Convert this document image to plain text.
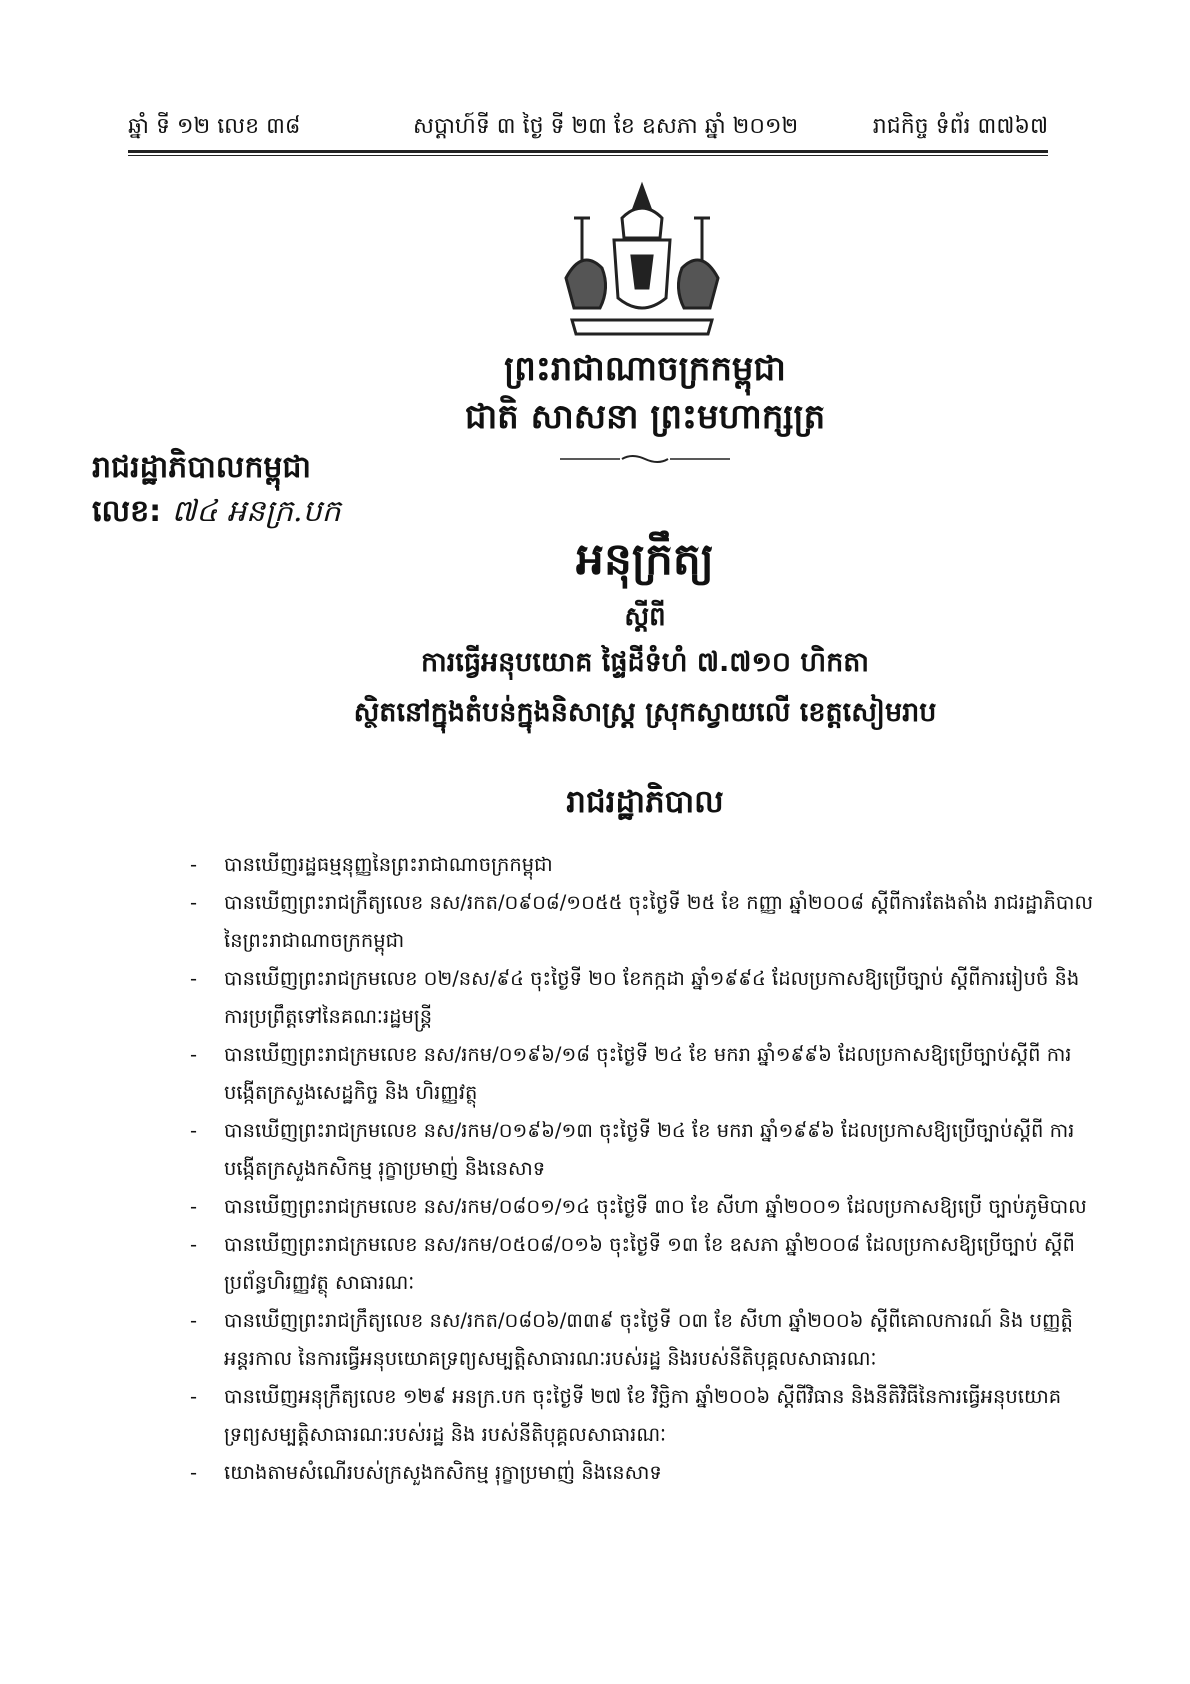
ឆ្នាំ ទី ១២ លេខ ៣៨	សប្តាហ៍ទី ៣ ថ្ងៃ ទី ២៣ ខែ ឧសភា ឆ្នាំ ២០១២	រាជកិច្ច ទំព័រ ៣៧៦៧
ព្រះរាជាណាចក្រកម្ពុជា
ជាតិ សាសនា ព្រះមហាក្សត្រ
រាជរដ្ឋាភិបាលកម្ពុជា
លេខ: ៧៤ អនក្រ.បក
អនុក្រឹត្យ
ស្តីពី
ការធ្វើអនុបយោគ ផ្ទៃដីទំហំ ៧.៧១០ ហិកតា
ស្ថិតនៅក្នុងតំបន់ក្នុងនិសាស្ត្រ ស្រុកស្វាយលើ ខេត្តសៀមរាប
រាជរដ្ឋាភិបាល
- បានឃើញរដ្ឋធម្មនុញ្ញនៃព្រះរាជាណាចក្រកម្ពុជា
- បានឃើញព្រះរាជក្រឹត្យលេខ នស/រកត/០៩០៨/១០៥៥ ចុះថ្ងៃទី ២៥ ខែ កញ្ញា ឆ្នាំ២០០៨ ស្តីពីការតែងតាំង រាជរដ្ឋាភិបាល នៃព្រះរាជាណាចក្រកម្ពុជា
- បានឃើញព្រះរាជក្រមលេខ ០២/នស/៩៤ ចុះថ្ងៃទី ២០ ខែកក្កដា ឆ្នាំ១៩៩៤ ដែលប្រកាសឱ្យប្រើច្បាប់ ស្តីពីការរៀបចំ និង ការប្រព្រឹត្តទៅនៃគណៈរដ្ឋមន្ត្រី
- បានឃើញព្រះរាជក្រមលេខ នស/រកម/០១៩៦/១៨ ចុះថ្ងៃទី ២៤ ខែ មករា ឆ្នាំ១៩៩៦ ដែលប្រកាសឱ្យប្រើច្បាប់ស្តីពី ការបង្កើតក្រសួងសេដ្ឋកិច្ច និង ហិរញ្ញវត្ថុ
- បានឃើញព្រះរាជក្រមលេខ នស/រកម/០១៩៦/១៣ ចុះថ្ងៃទី ២៤ ខែ មករា ឆ្នាំ១៩៩៦ ដែលប្រកាសឱ្យប្រើច្បាប់ស្តីពី ការបង្កើតក្រសួងកសិកម្ម រុក្ខាប្រមាញ់ និងនេសាទ
- បានឃើញព្រះរាជក្រមលេខ នស/រកម/០៨០១/១៤ ចុះថ្ងៃទី ៣០ ខែ សីហា ឆ្នាំ២០០១ ដែលប្រកាសឱ្យប្រើ ច្បាប់ភូមិបាល
- បានឃើញព្រះរាជក្រមលេខ នស/រកម/០៥០៨/០១៦ ចុះថ្ងៃទី ១៣ ខែ ឧសភា ឆ្នាំ២០០៨ ដែលប្រកាសឱ្យប្រើច្បាប់ ស្តីពីប្រព័ន្ធហិរញ្ញវត្ថុ សាធារណៈ
- បានឃើញព្រះរាជក្រឹត្យលេខ នស/រកត/០៨០៦/៣៣៩ ចុះថ្ងៃទី ០៣ ខែ សីហា ឆ្នាំ២០០៦ ស្តីពីគោលការណ៍ និង បញ្ញត្តិអន្តរកាល នៃការធ្វើអនុបយោគទ្រព្យសម្បត្តិសាធារណៈរបស់រដ្ឋ និងរបស់នីតិបុគ្គលសាធារណៈ
- បានឃើញអនុក្រឹត្យលេខ ១២៩ អនក្រ.បក ចុះថ្ងៃទី ២៧ ខែ វិច្ឆិកា ឆ្នាំ២០០៦ ស្តីពីវិធាន និងនីតិវិធីនៃការធ្វើអនុបយោគ ទ្រព្យសម្បត្តិសាធារណៈរបស់រដ្ឋ និង របស់នីតិបុគ្គលសាធារណៈ
- យោងតាមសំណើរបស់ក្រសួងកសិកម្ម រុក្ខាប្រមាញ់ និងនេសាទ
